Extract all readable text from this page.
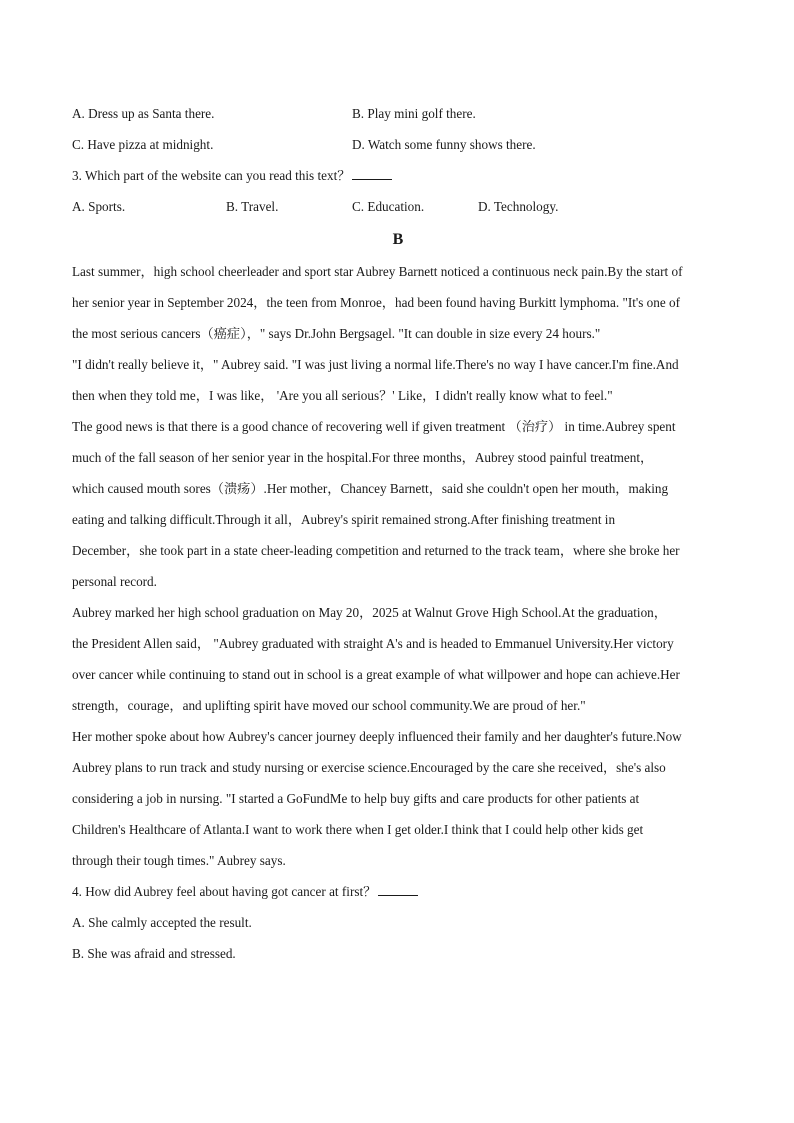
A. Dress up as Santa there.	B. Play mini golf there.
C. Have pizza at midnight.	D. Watch some funny shows there.
3. Which part of the website can you read this text？
A. Sports.	B. Travel.	C. Education.	D. Technology.
B
Last summer，high school cheerleader and sport star Aubrey Barnett noticed a continuous neck pain.By the start of
her senior year in September 2024，the teen from Monroe，had been found having Burkitt lymphoma. "It's one of
the most serious cancers（癌症），" says Dr.John Bergsagel. "It can double in size every 24 hours."
"I didn't really believe it，" Aubrey said. "I was just living a normal life.There's no way I have cancer.I'm fine.And
then when they told me，I was like， 'Are you all serious？' Like，I didn't really know what to feel."
The good news is that there is a good chance of recovering well if given treatment （治疗） in time.Aubrey spent
much of the fall season of her senior year in the hospital.For three months，Aubrey stood painful treatment，
which caused mouth sores（溃疡）.Her mother，Chancey Barnett，said she couldn't open her mouth，making
eating and talking difficult.Through it all，Aubrey's spirit remained strong.After finishing treatment in
December，she took part in a state cheer-leading competition and returned to the track team，where she broke her
personal record.
Aubrey marked her high school graduation on May 20，2025 at Walnut Grove High School.At the graduation，
the President Allen said， "Aubrey graduated with straight A's and is headed to Emmanuel University.Her victory
over cancer while continuing to stand out in school is a great example of what willpower and hope can achieve.Her
strength，courage，and uplifting spirit have moved our school community.We are proud of her."
Her mother spoke about how Aubrey's cancer journey deeply influenced their family and her daughter's future.Now
Aubrey plans to run track and study nursing or exercise science.Encouraged by the care she received，she's also
considering a job in nursing. "I started a GoFundMe to help buy gifts and care products for other patients at
Children's Healthcare of Atlanta.I want to work there when I get older.I think that I could help other kids get
through their tough times." Aubrey says.
4. How did Aubrey feel about having got cancer at first？
A. She calmly accepted the result.
B. She was afraid and stressed.
